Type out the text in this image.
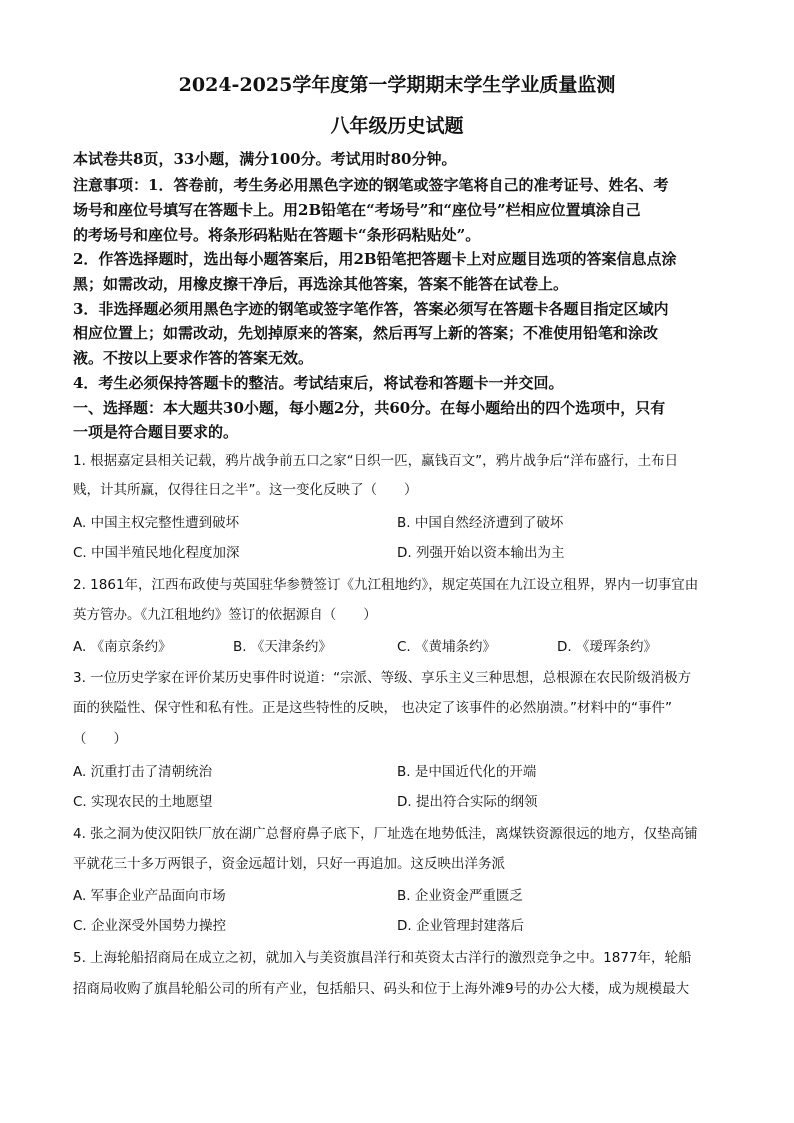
2024-2025学年度第一学期期末学生学业质量监测
八年级历史试题
本试卷共8页，33小题，满分100分。考试用时80分钟。
注意事项：1．答卷前，考生务必用黑色字迹的钢笔或签字笔将自己的准考证号、姓名、考
场号和座位号填写在答题卡上。用2B铅笔在“考场号”和“座位号”栏相应位置填涂自己
的考场号和座位号。将条形码粘贴在答题卡“条形码粘贴处”。
2．作答选择题时，选出每小题答案后，用2B铅笔把答题卡上对应题目选项的答案信息点涂
黑；如需改动，用橡皮擦干净后，再选涂其他答案，答案不能答在试卷上。
3．非选择题必须用黑色字迹的钢笔或签字笔作答，答案必须写在答题卡各题目指定区域内
相应位置上；如需改动，先划掉原来的答案，然后再写上新的答案；不准使用铅笔和涂改
液。不按以上要求作答的答案无效。
4．考生必须保持答题卡的整洁。考试结束后，将试卷和答题卡一并交回。
一、选择题：本大题共30小题，每小题2分，共60分。在每小题给出的四个选项中，只有
一项是符合题目要求的。
1. 根据嘉定县相关记载，鸦片战争前五口之家“日织一匹，赢钱百文”，鸦片战争后“洋布盛行，土布日
贱，计其所赢，仅得往日之半”。这一变化反映了（　　）
A. 中国主权完整性遭到破坏	B. 中国自然经济遭到了破坏
C. 中国半殖民地化程度加深	D. 列强开始以资本输出为主
2. 1861年，江西布政使与英国驻华参赞签订《九江租地约》，规定英国在九江设立租界，界内一切事宜由
英方管办。《九江租地约》签订的依据源自（　　）
A. 《南京条约》	B. 《天津条约》	C. 《黄埔条约》	D. 《瑷珲条约》
3. 一位历史学家在评价某历史事件时说道：“宗派、等级、享乐主义三种思想，总根源在农民阶级消极方
面的狭隘性、保守性和私有性。正是这些特性的反映， 也决定了该事件的必然崩溃。”材料中的“事件”
（　　）
A. 沉重打击了清朝统治	B. 是中国近代化的开端
C. 实现农民的土地愿望	D. 提出符合实际的纲领
4. 张之洞为使汉阳铁厂放在湖广总督府鼻子底下，厂址选在地势低洼，离煤铁资源很远的地方，仅垫高铺
平就花三十多万两银子，资金远超计划，只好一再追加。这反映出洋务派
A. 军事企业产品面向市场	B. 企业资金严重匮乏
C. 企业深受外国势力操控	D. 企业管理封建落后
5. 上海轮船招商局在成立之初，就加入与美资旗昌洋行和英资太古洋行的激烈竞争之中。1877年，轮船
招商局收购了旗昌轮船公司的所有产业，包括船只、码头和位于上海外滩9号的办公大楼，成为规模最大
